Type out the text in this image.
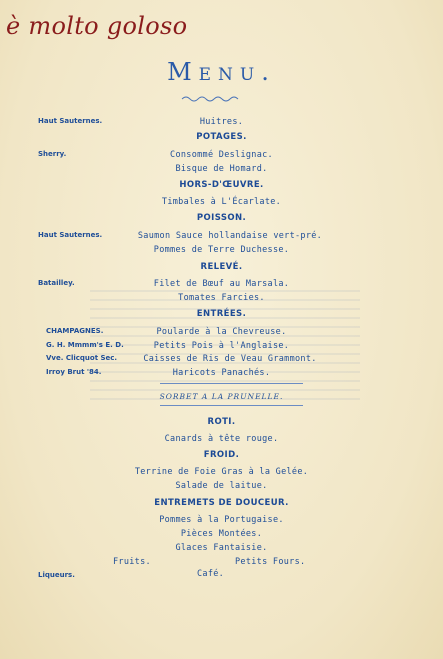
è molto goloso
Menu.
Haut Sauternes.	Huitres.
POTAGES.
Sherry.	Consommé Deslignac.
Bisque de Homard.
HORS-D'ŒUVRE.
Timbales à L'Écarlate.
POISSON.
Haut Sauternes.	Saumon Sauce hollandaise vert-pré.
Pommes de Terre Duchesse.
RELEVÉ.
Batailley.	Filet de Bœuf au Marsala.
Tomates Farcies.
ENTRÉES.
CHAMPAGNES.	Poularde à la Chevreuse.
G. H. Mmmm's E. D.	Petits Pois à l'Anglaise.
Vve. Clicquot Sec.	Caisses de Ris de Veau Grammont.
Irroy Brut '84.	Haricots Panachés.
SORBET A LA PRUNELLE.
ROTI.
Canards à tête rouge.
FROID.
Terrine de Foie Gras à la Gelée.
Salade de laitue.
ENTREMETS DE DOUCEUR.
Pommes à la Portugaise.
Pièces Montées.
Glaces Fantaisie.
Fruits.	Petits Fours.
Liqueurs.	Café.
